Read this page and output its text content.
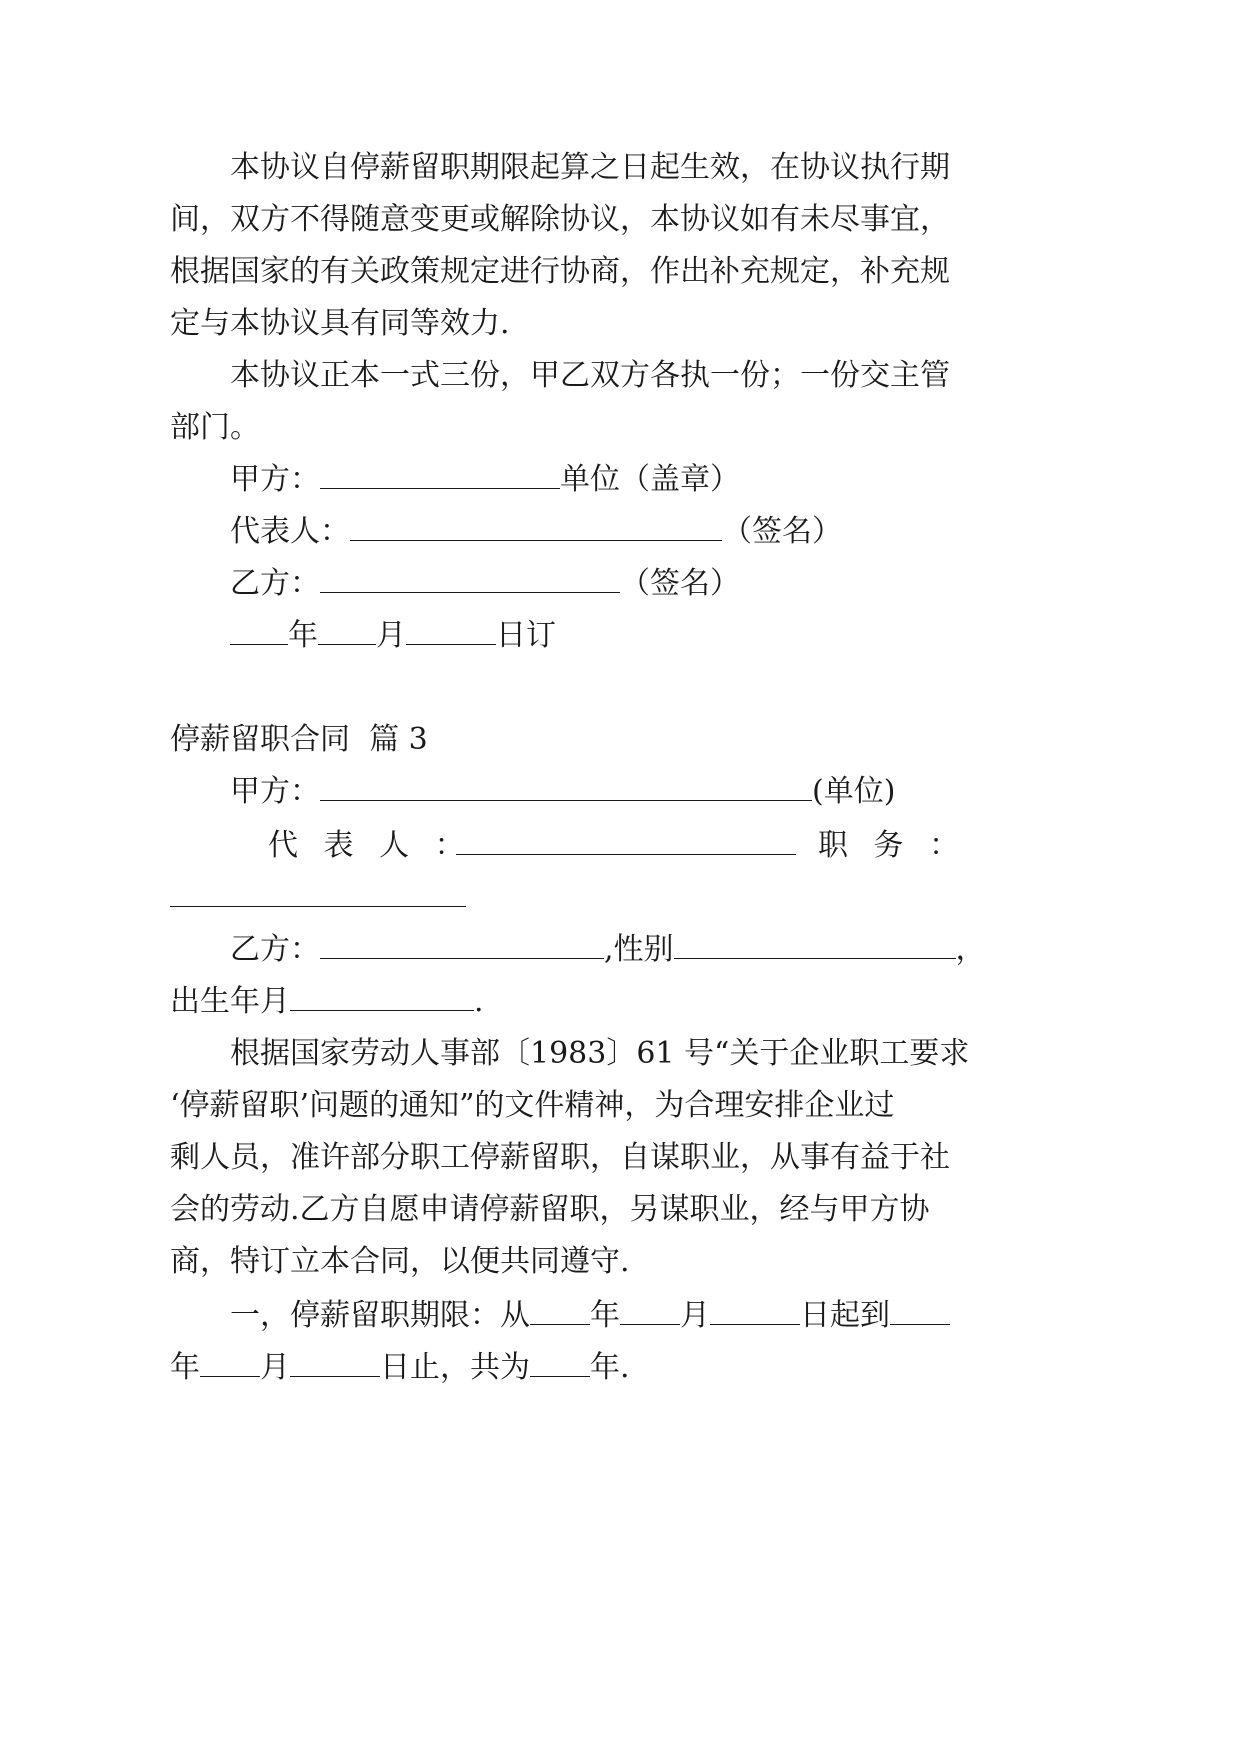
本协议自停薪留职期限起算之日起生效，在协议执行期
间，双方不得随意变更或解除协议，本协议如有未尽事宜，
根据国家的有关政策规定进行协商，作出补充规定，补充规
定与本协议具有同等效力.
本协议正本一式三份，甲乙双方各执一份；一份交主管
部门。
甲方：	单位（盖章）
代表人：	（签名）
乙方：	（签名）
年 月	日订
停薪留职合同  篇 3
甲方：	(单位)
代 表 人 ：	职 务 ：
乙方：	,性别	，
出生年月	.
根据国家劳动人事部〔1983〕61 号“关于企业职工要求
‘停薪留职’问题的通知”的文件精神，为合理安排企业过
剩人员，准许部分职工停薪留职，自谋职业，从事有益于社
会的劳动.乙方自愿申请停薪留职，另谋职业，经与甲方协
商，特订立本合同，以便共同遵守.
一，停薪留职期限：从 年 月	日起到
年 月	日止，共为 年.
